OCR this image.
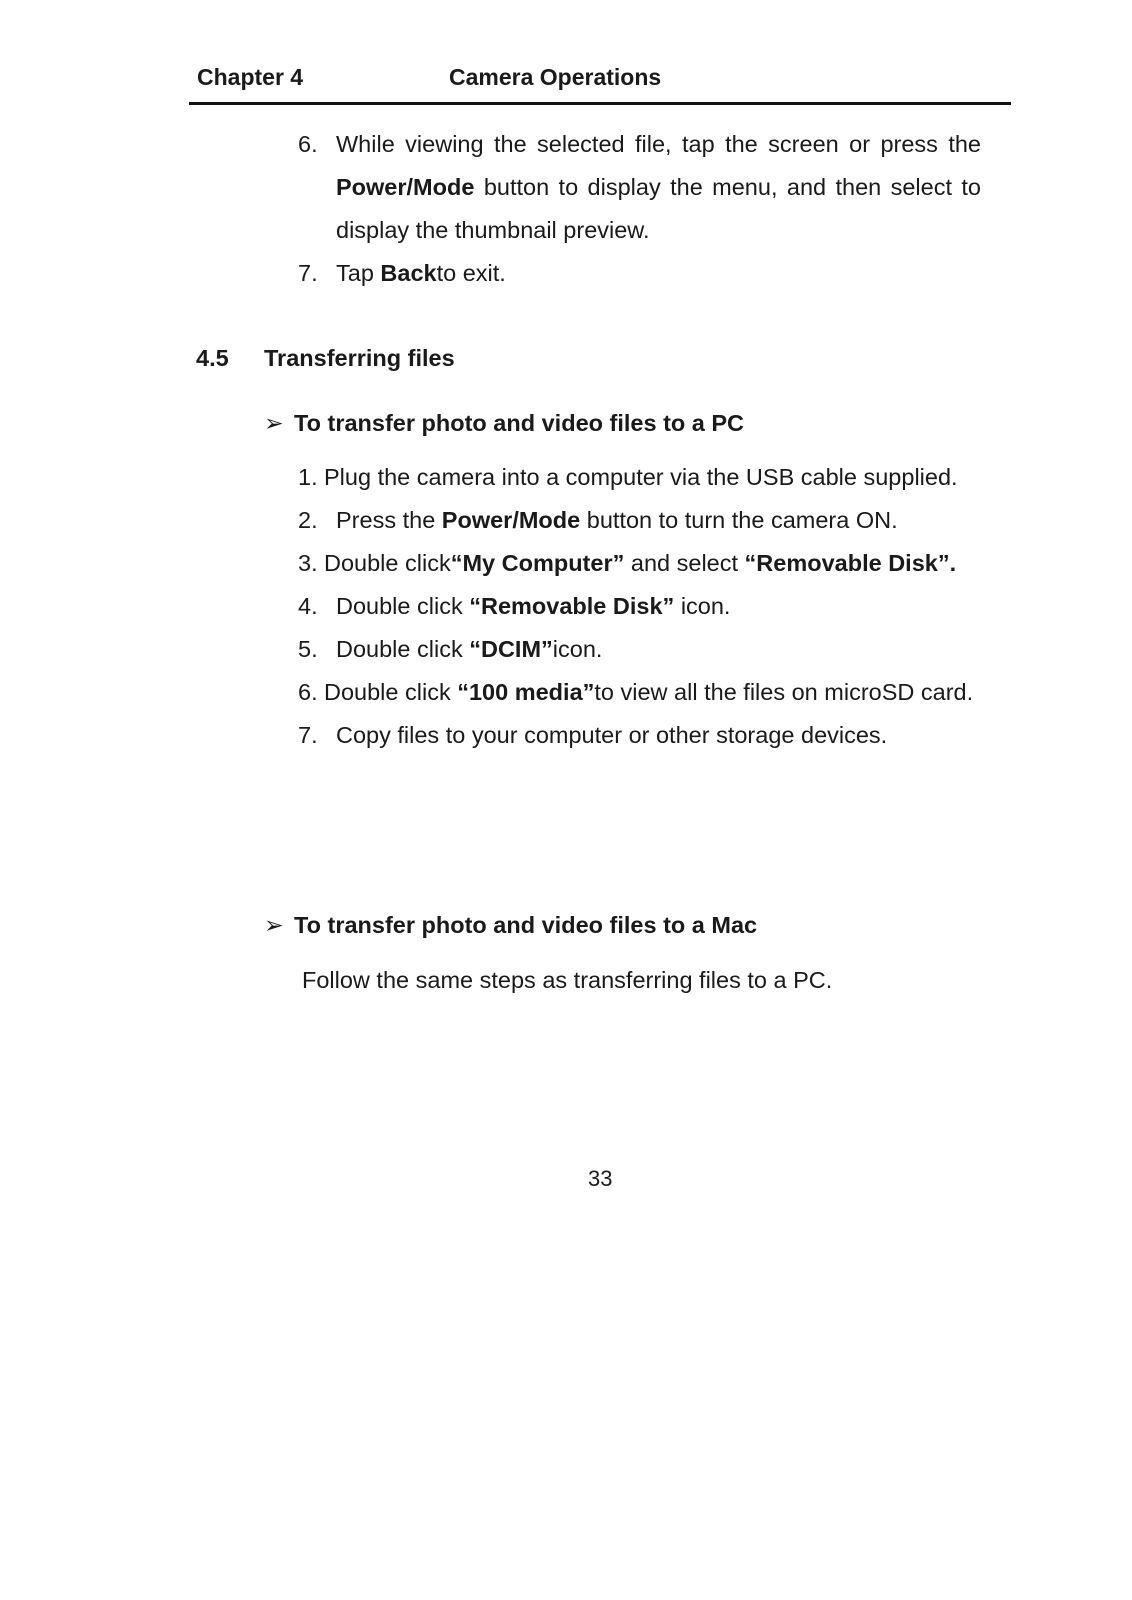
Chapter 4	Camera Operations
6. While viewing the selected file, tap the screen or press the Power/Mode button to display the menu, and then select to display the thumbnail preview.
7. Tap Backto exit.
4.5 Transferring files
➢ To transfer photo and video files to a PC
1. Plug the camera into a computer via the USB cable supplied.
2. Press the Power/Mode button to turn the camera ON.
3. Double click“My Computer” and select “Removable Disk”.
4. Double click “Removable Disk” icon.
5. Double click “DCIM”icon.
6. Double click “100 media”to view all the files on microSD card.
7. Copy files to your computer or other storage devices.
➢ To transfer photo and video files to a Mac
Follow the same steps as transferring files to a PC.
33
